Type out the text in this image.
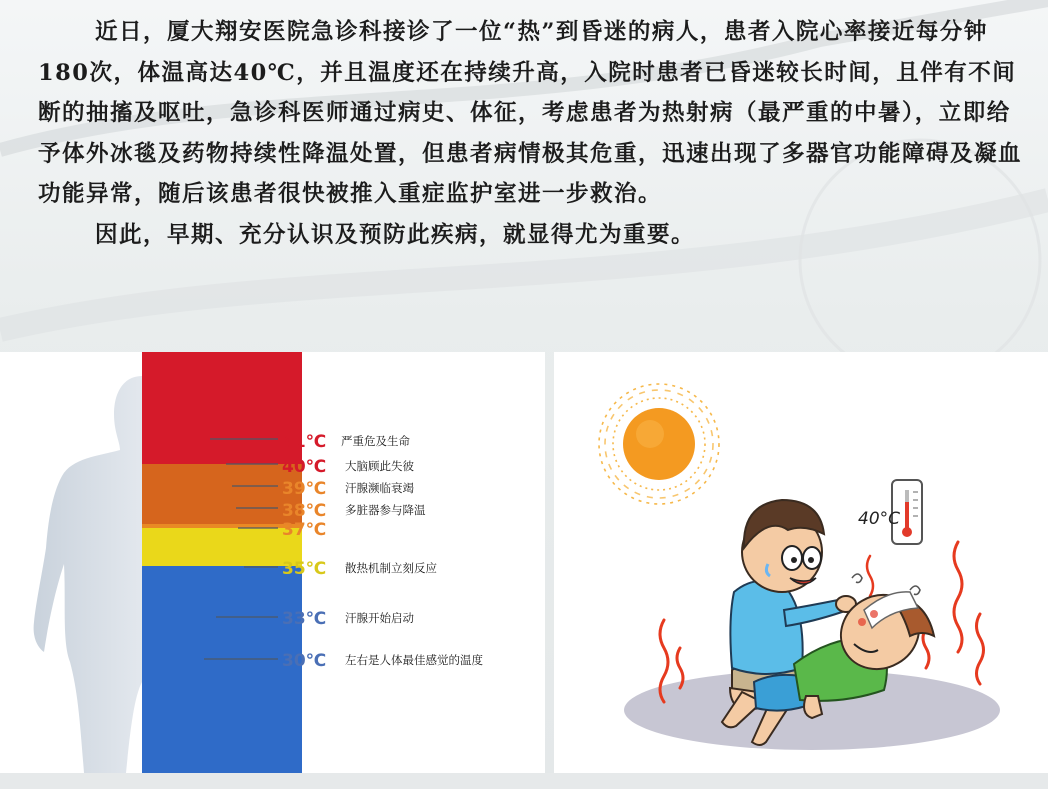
近日，厦大翔安医院急诊科接诊了一位“热”到昏迷的病人，患者入院心率接近每分钟180次，体温高达40℃，并且温度还在持续升高，入院时患者已昏迷较长时间，且伴有不间断的抽搐及呕吐，急诊科医师通过病史、体征，考虑患者为热射病（最严重的中暑），立即给予体外冰毯及药物持续性降温处置，但患者病情极其危重，迅速出现了多器官功能障碍及凝血功能异常，随后该患者很快被推入重症监护室进一步救治。

因此，早期、充分认识及预防此疾病，就显得尤为重要。

41℃ 严重危及生命
40℃ 大脑顾此失彼
39℃ 汗腺濒临衰竭
38℃ 多脏器参与降温
37℃
35℃ 散热机制立刻反应
33℃ 汗腺开始启动
30℃ 左右是人体最佳感觉的温度
40°C
